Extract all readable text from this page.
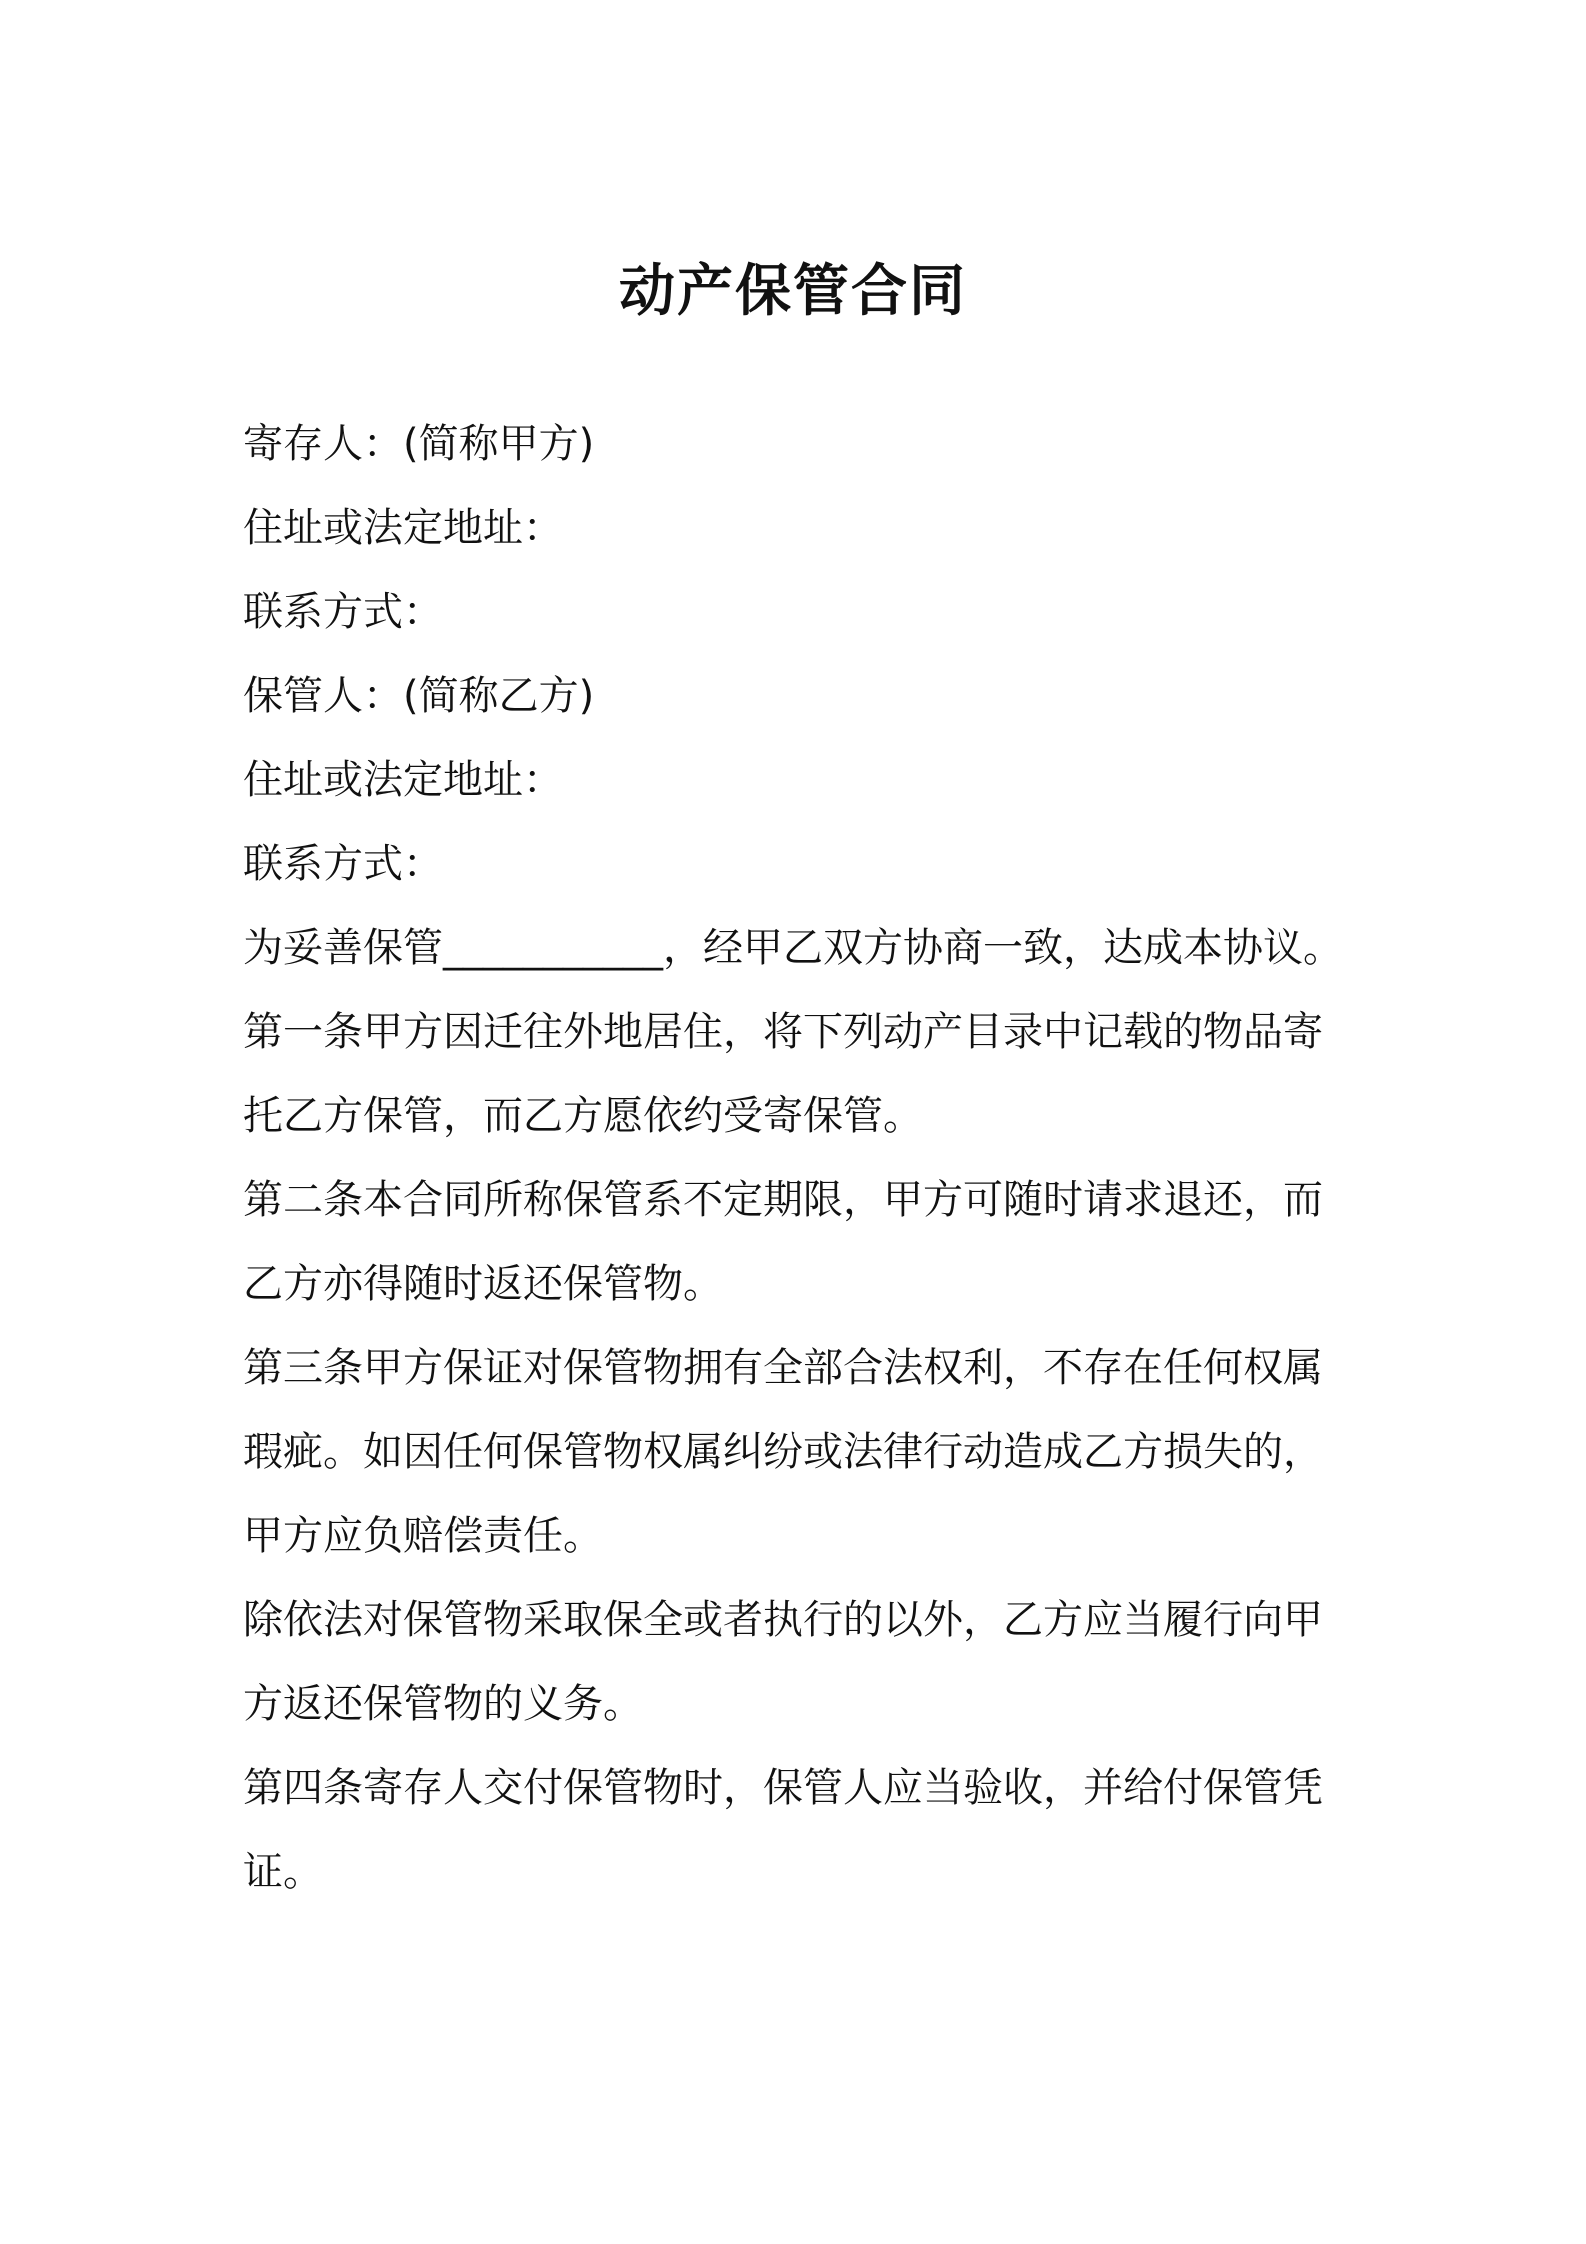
动产保管合同

寄存人：(简称甲方)

住址或法定地址：

联系方式：

保管人：(简称乙方)

住址或法定地址：

联系方式：

为妥善保管___________，经甲乙双方协商一致，达成本协议。

第一条甲方因迁往外地居住，将下列动产目录中记载的物品寄托乙方保管，而乙方愿依约受寄保管。

第二条本合同所称保管系不定期限，甲方可随时请求退还，而乙方亦得随时返还保管物。

第三条甲方保证对保管物拥有全部合法权利，不存在任何权属瑕疵。如因任何保管物权属纠纷或法律行动造成乙方损失的，甲方应负赔偿责任。

除依法对保管物采取保全或者执行的以外，乙方应当履行向甲方返还保管物的义务。

第四条寄存人交付保管物时，保管人应当验收，并给付保管凭证。
